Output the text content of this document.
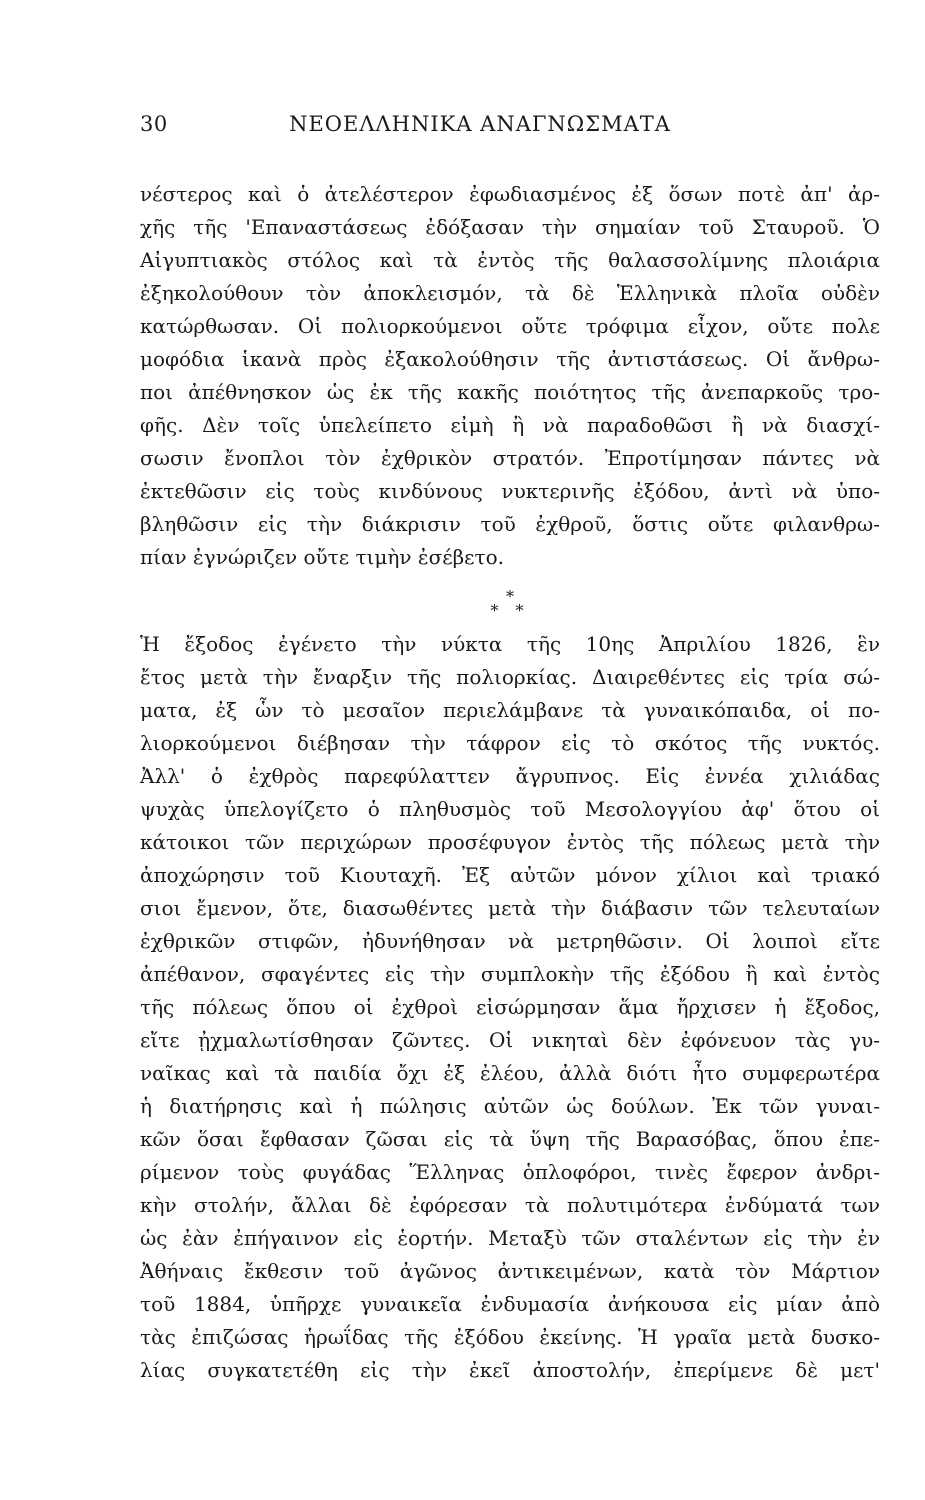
30	ΝΕΟΕΛΛΗΝΙΚΑ ΑΝΑΓΝΩΣΜΑΤΑ
νέστερος καὶ ὁ ἀτελέστερον ἐφωδιασμένος ἐξ ὅσων ποτὲ ἀπ' ἀρ-
χῆς τῆς 'Επαναστάσεως ἐδόξασαν τὴν σημαίαν τοῦ Σταυροῦ. Ὁ
Αἰγυπτιακὸς στόλος καὶ τὰ ἐντὸς τῆς θαλασσολίμνης πλοιάρια
ἐξηκολούθουν τὸν ἀποκλεισμόν, τὰ δὲ Ἑλληνικὰ πλοῖα οὐδὲν
κατώρθωσαν. Οἱ πολιορκούμενοι οὔτε τρόφιμα εἶχον, οὔτε πολε
μοφόδια ἱκανὰ πρὸς ἐξακολούθησιν τῆς ἀντιστάσεως. Οἱ ἄνθρω-
ποι ἀπέθνησκον ὡς ἐκ τῆς κακῆς ποιότητος τῆς ἀνεπαρκοῦς τρο-
φῆς. Δὲν τοῖς ὑπελείπετο εἰμὴ ἢ νὰ παραδοθῶσι ἢ νὰ διασχί-
σωσιν ἔνοπλοι τὸν ἐχθρικὸν στρατόν. Ἐπροτίμησαν πάντες νὰ
ἐκτεθῶσιν εἰς τοὺς κινδύνους νυκτερινῆς ἐξόδου, ἀντὶ νὰ ὑπο-
βληθῶσιν εἰς τὴν διάκρισιν τοῦ ἐχθροῦ, ὅστις οὔτε φιλανθρω-
πίαν ἐγνώριζεν οὔτε τιμὴν ἐσέβετο.
*
* *
Ἡ ἔξοδος ἐγένετο τὴν νύκτα τῆς 10ης Ἀπριλίου 1826, ἓν
ἔτος μετὰ τὴν ἔναρξιν τῆς πολιορκίας. Διαιρεθέντες εἰς τρία σώ-
ματα, ἐξ ὧν τὸ μεσαῖον περιελάμβανε τὰ γυναικόπαιδα, οἱ πο-
λιορκούμενοι διέβησαν τὴν τάφρον εἰς τὸ σκότος τῆς νυκτός.
Ἀλλ' ὁ ἐχθρὸς παρεφύλαττεν ἄγρυπνος. Εἰς ἐννέα χιλιάδας
ψυχὰς ὑπελογίζετο ὁ πληθυσμὸς τοῦ Μεσολογγίου ἀφ' ὅτου οἱ
κάτοικοι τῶν περιχώρων προσέφυγον ἐντὸς τῆς πόλεως μετὰ τὴν
ἀποχώρησιν τοῦ Κιουταχῆ. Ἐξ αὐτῶν μόνον χίλιοι καὶ τριακό
σιοι ἔμενον, ὅτε, διασωθέντες μετὰ τὴν διάβασιν τῶν τελευταίων
ἐχθρικῶν στιφῶν, ἠδυνήθησαν νὰ μετρηθῶσιν. Οἱ λοιποὶ εἴτε
ἀπέθανον, σφαγέντες εἰς τὴν συμπλοκὴν τῆς ἐξόδου ἢ καὶ ἐντὸς
τῆς πόλεως ὅπου οἱ ἐχθροὶ εἰσώρμησαν ἅμα ἤρχισεν ἡ ἔξοδος,
εἴτε ᾐχμαλωτίσθησαν ζῶντες. Οἱ νικηταὶ δὲν ἐφόνευον τὰς γυ-
ναῖκας καὶ τὰ παιδία ὄχι ἐξ ἐλέου, ἀλλὰ διότι ἦτο συμφερωτέρα
ἡ διατήρησις καὶ ἡ πώλησις αὐτῶν ὡς δούλων. Ἐκ τῶν γυναι-
κῶν ὅσαι ἔφθασαν ζῶσαι εἰς τὰ ὕψη τῆς Βαρασόβας, ὅπου ἐπε-
ρίμενον τοὺς φυγάδας Ἕλληνας ὁπλοφόροι, τινὲς ἔφερον ἀνδρι-
κὴν στολήν, ἄλλαι δὲ ἐφόρεσαν τὰ πολυτιμότερα ἐνδύματά των
ὡς ἐὰν ἐπήγαινον εἰς ἑορτήν. Μεταξὺ τῶν σταλέντων εἰς τὴν ἐν
Ἀθήναις ἔκθεσιν τοῦ ἀγῶνος ἀντικειμένων, κατὰ τὸν Μάρτιον
τοῦ 1884, ὑπῆρχε γυναικεῖα ἐνδυμασία ἀνήκουσα εἰς μίαν ἀπὸ
τὰς ἐπιζώσας ἡρωΐδας τῆς ἐξόδου ἐκείνης. Ἡ γραῖα μετὰ δυσκο-
λίας συγκατετέθη εἰς τὴν ἐκεῖ ἀποστολήν, ἐπερίμενε δὲ μετ'
